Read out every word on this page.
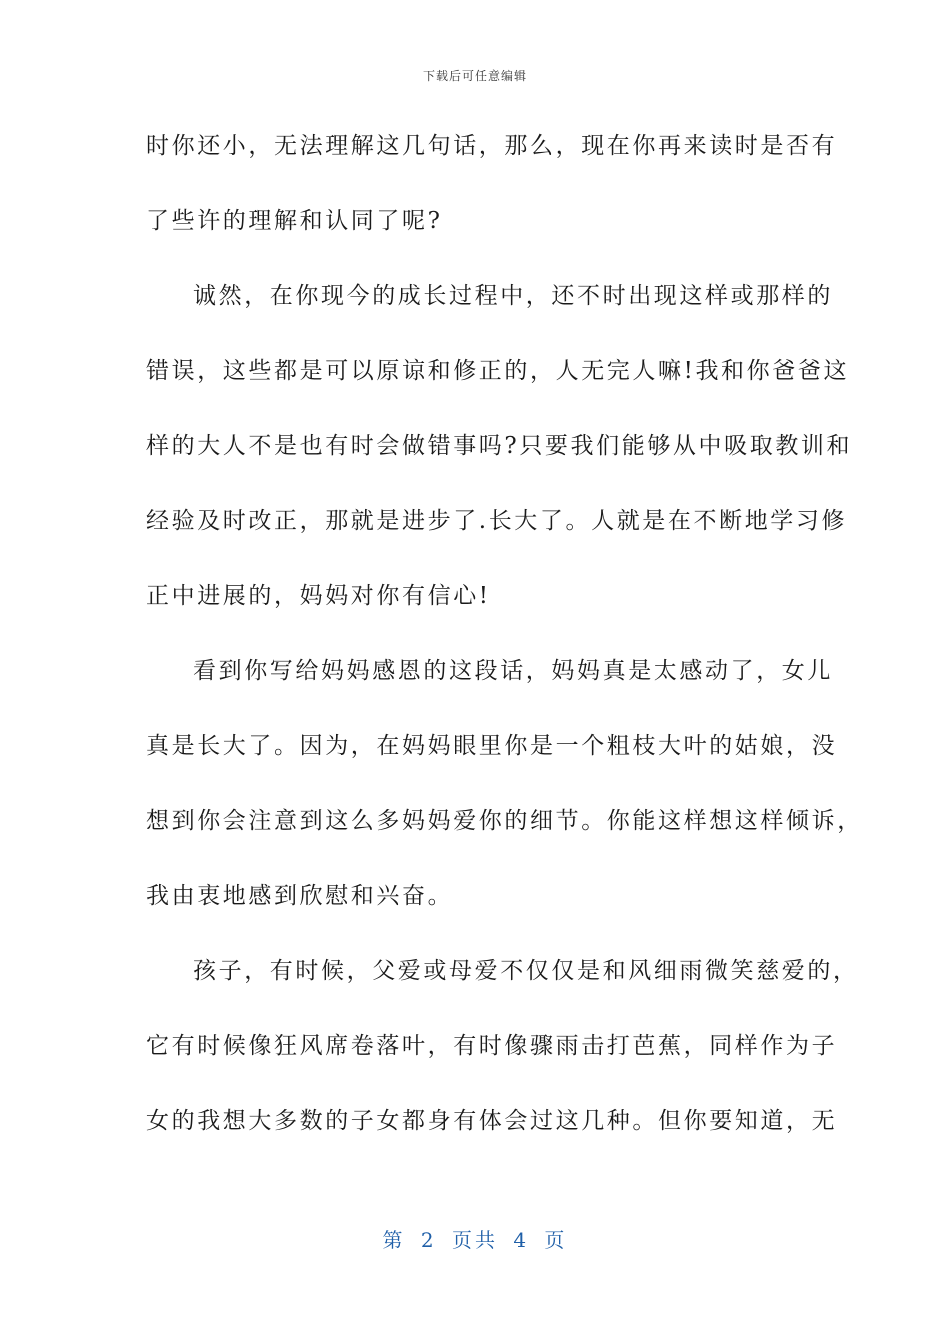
下载后可任意编辑
时你还小，无法理解这几句话，那么，现在你再来读时是否有
了些许的理解和认同了呢?
诚然，在你现今的成长过程中，还不时出现这样或那样的
错误，这些都是可以原谅和修正的，人无完人嘛!我和你爸爸这
样的大人不是也有时会做错事吗?只要我们能够从中吸取教训和
经验及时改正，那就是进步了.长大了。人就是在不断地学习修
正中进展的，妈妈对你有信心!
看到你写给妈妈感恩的这段话，妈妈真是太感动了，女儿
真是长大了。因为，在妈妈眼里你是一个粗枝大叶的姑娘，没
想到你会注意到这么多妈妈爱你的细节。你能这样想这样倾诉，
我由衷地感到欣慰和兴奋。
孩子，有时候，父爱或母爱不仅仅是和风细雨微笑慈爱的，
它有时候像狂风席卷落叶，有时像骤雨击打芭蕉，同样作为子
女的我想大多数的子女都身有体会过这几种。但你要知道，无
第 2 页共 4 页
